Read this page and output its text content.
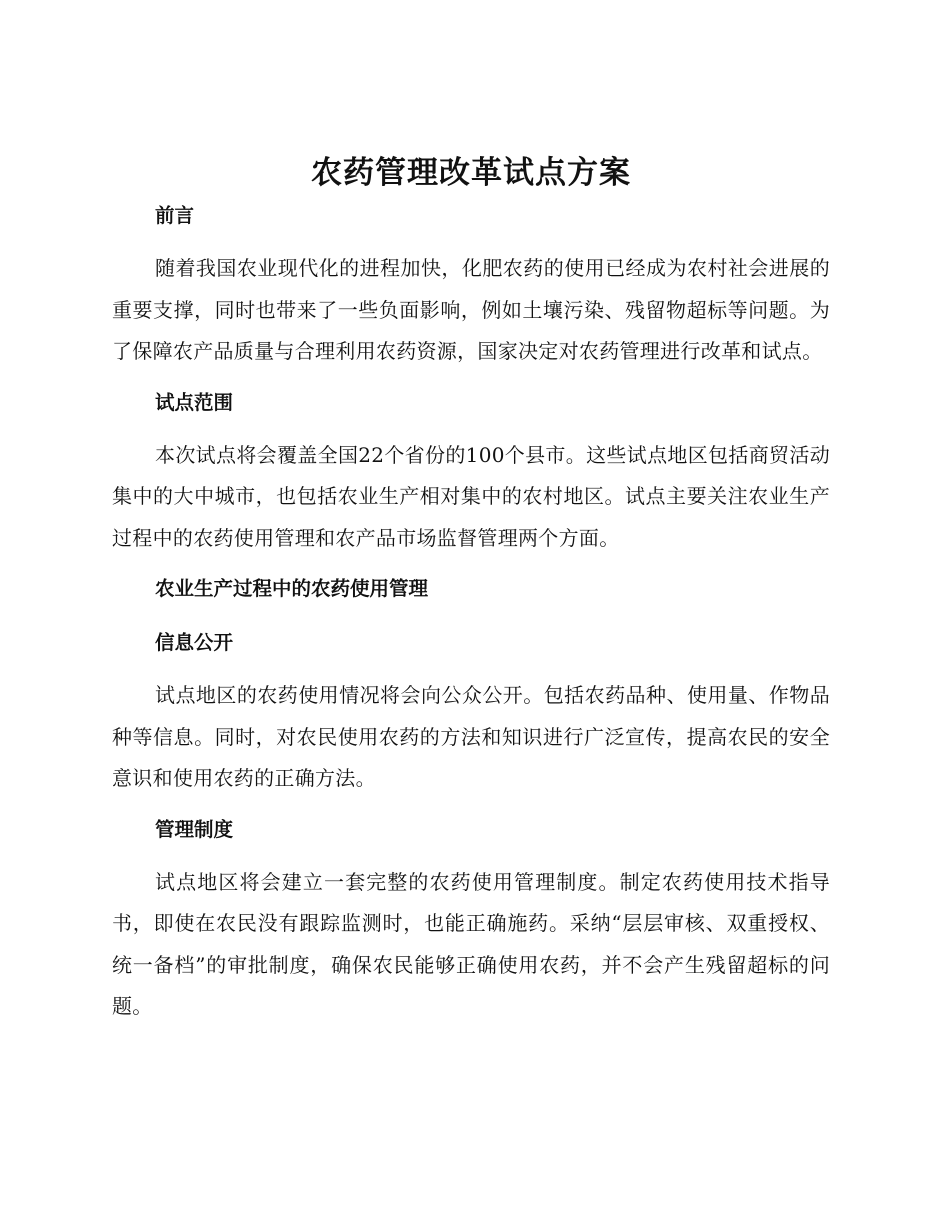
农药管理改革试点方案
前言

随着我国农业现代化的进程加快，化肥农药的使用已经成为农村社会进展的重要支撑，同时也带来了一些负面影响，例如土壤污染、残留物超标等问题。为了保障农产品质量与合理利用农药资源，国家决定对农药管理进行改革和试点。

试点范围

本次试点将会覆盖全国22个省份的100个县市。这些试点地区包括商贸活动集中的大中城市，也包括农业生产相对集中的农村地区。试点主要关注农业生产过程中的农药使用管理和农产品市场监督管理两个方面。

农业生产过程中的农药使用管理
信息公开

试点地区的农药使用情况将会向公众公开。包括农药品种、使用量、作物品种等信息。同时，对农民使用农药的方法和知识进行广泛宣传，提高农民的安全意识和使用农药的正确方法。

管理制度

试点地区将会建立一套完整的农药使用管理制度。制定农药使用技术指导书，即使在农民没有跟踪监测时，也能正确施药。采纳“层层审核、双重授权、统一备档”的审批制度，确保农民能够正确使用农药，并不会产生残留超标的问题。
